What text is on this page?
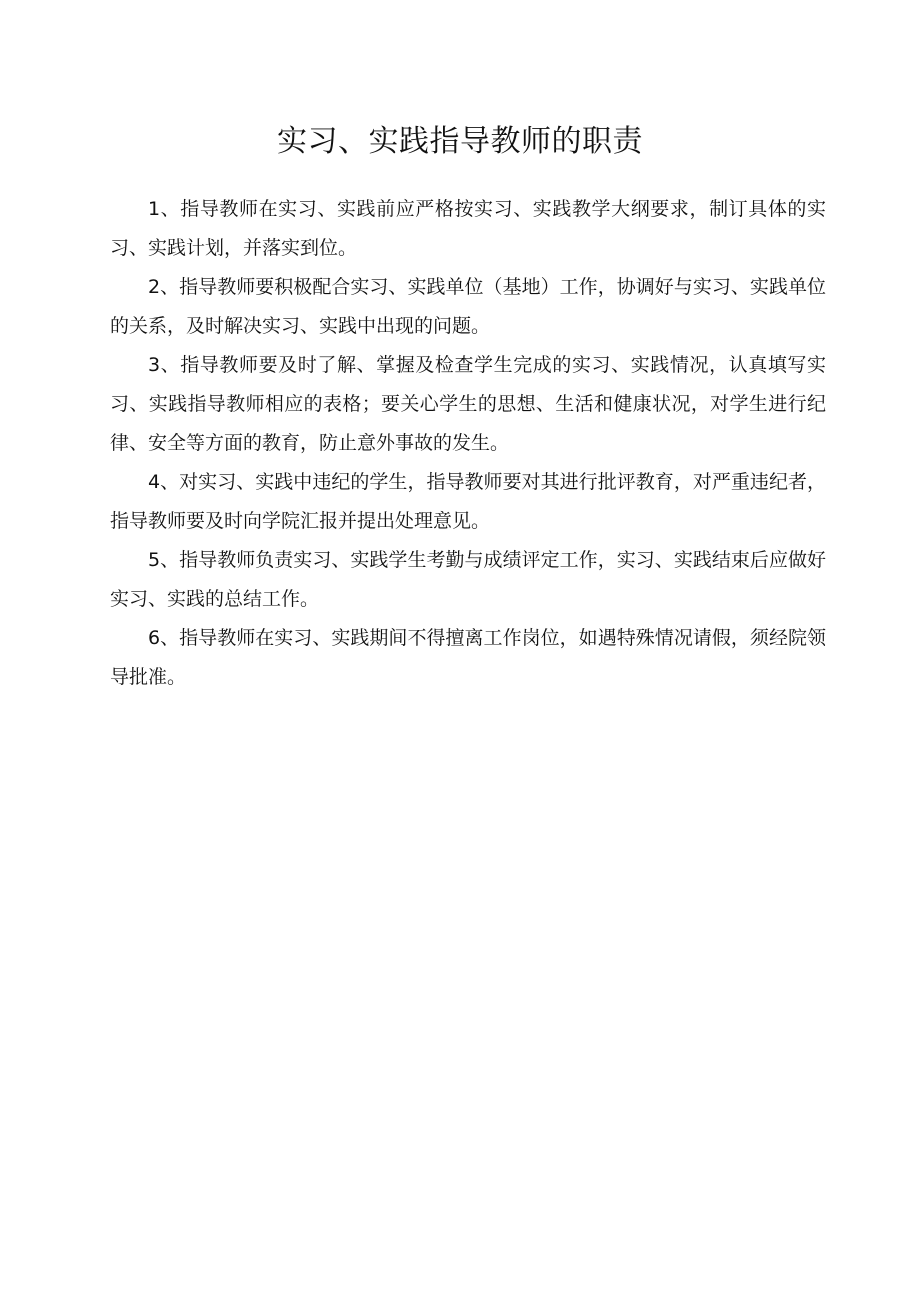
实习、实践指导教师的职责

1、指导教师在实习、实践前应严格按实习、实践教学大纲要求，制订具体的实习、实践计划，并落实到位。

2、指导教师要积极配合实习、实践单位（基地）工作，协调好与实习、实践单位的关系，及时解决实习、实践中出现的问题。

3、指导教师要及时了解、掌握及检查学生完成的实习、实践情况，认真填写实习、实践指导教师相应的表格；要关心学生的思想、生活和健康状况，对学生进行纪律、安全等方面的教育，防止意外事故的发生。

4、对实习、实践中违纪的学生，指导教师要对其进行批评教育，对严重违纪者，指导教师要及时向学院汇报并提出处理意见。

5、指导教师负责实习、实践学生考勤与成绩评定工作，实习、实践结束后应做好实习、实践的总结工作。

6、指导教师在实习、实践期间不得擅离工作岗位，如遇特殊情况请假，须经院领导批准。
